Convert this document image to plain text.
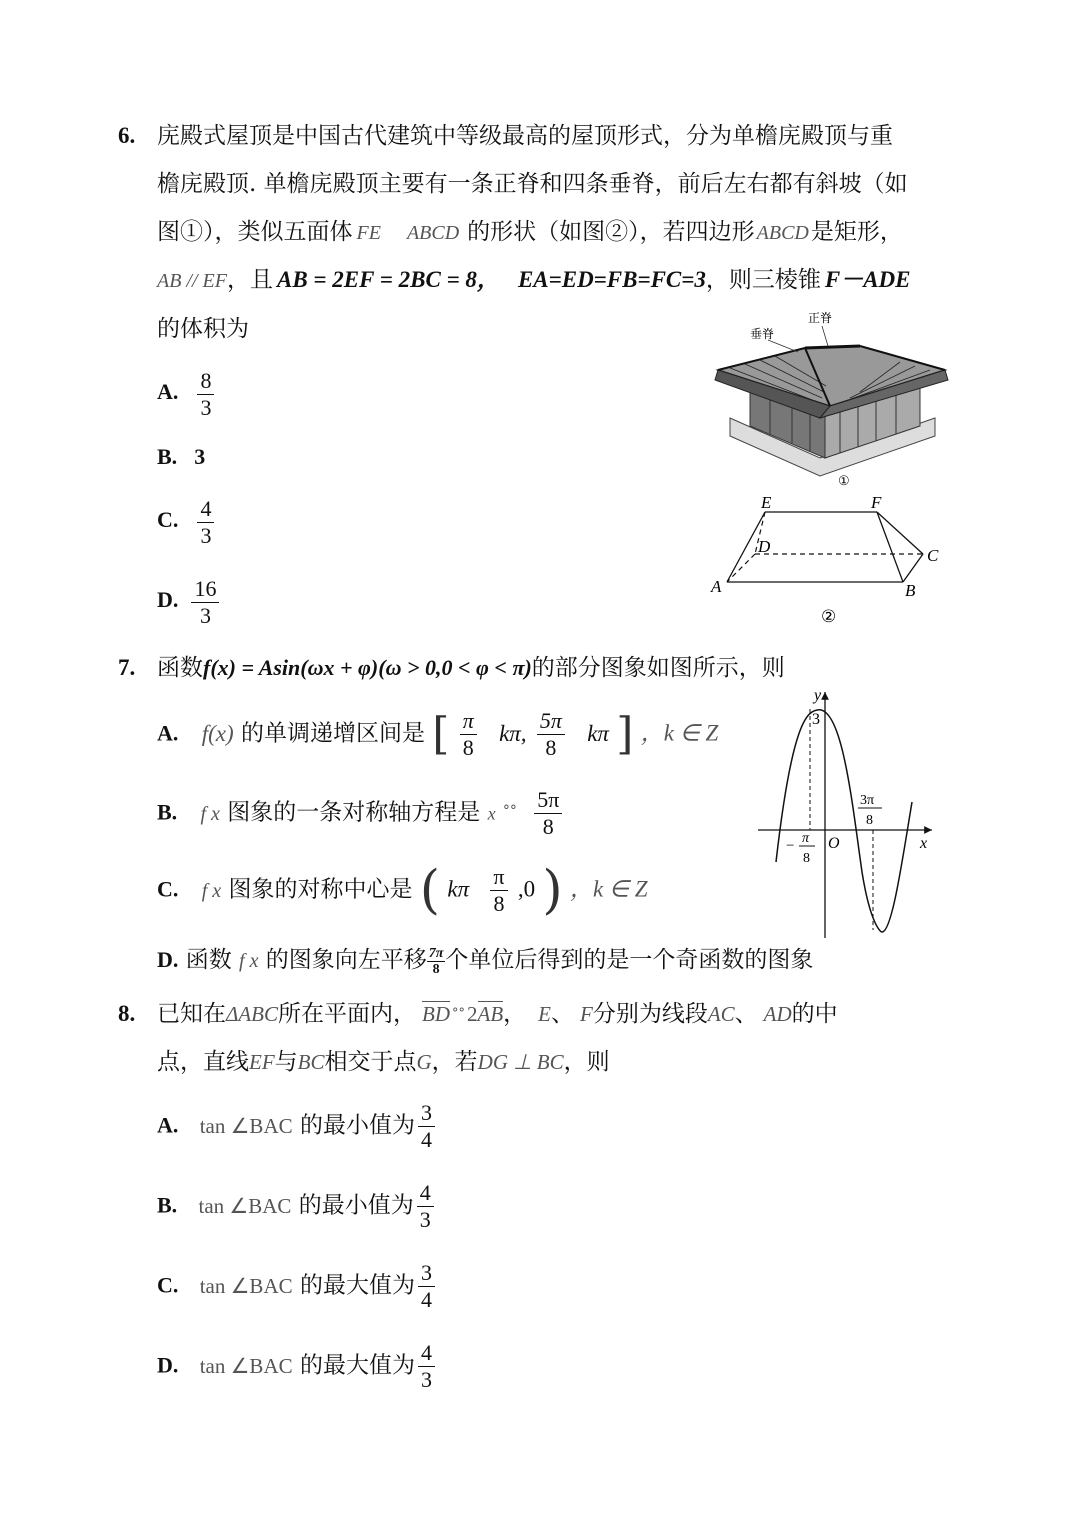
6. 庑殿式屋顶是中国古代建筑中等级最高的屋顶形式，分为单檐庑殿顶与重
檐庑殿顶. 单檐庑殿顶主要有一条正脊和四条垂脊，前后左右都有斜坡（如
图①），类似五面体 FE ABCD 的形状（如图②），若四边形 ABCD是矩形，
AB // EF，且 AB = 2EF = 2BC = 8， EA=ED=FB=FC=3，则三棱锥 F－ADE
的体积为
A. $\frac{8}{3}$
B. 3
C. $\frac{4}{3}$
D. $\frac{16}{3}$
垂脊
正脊
①
E	F
D	C
A	B
②
7. 函数f(x) = Asin(ωx + φ)(ω > 0,0 < φ < π)的部分图象如图所示，则
A. f(x) 的单调递增区间是 [ $\frac{\pi}{8} k\pi$, $\frac{5\pi}{8}$ kπ ] ，k ∈ Z
B. f x 图象的一条对称轴方程是 x $^{^\circ^\circ} \frac{5\pi}{8}$
C. f x 图象的对称中心是 ( kπ $\frac{\pi}{8} ,0$ ) ，k ∈ Z
D. 函数 f x 的图象向左平移 $\frac{7\pi}{8}$ 个单位后得到的是一个奇函数的图象
y
x
O
3
− π
8
3π
8
8. 已知在ΔABC所在平面内， BD °°2AB， E、 F分别为线段AC、 AD的中
点，直线EF与BC相交于点G，若DG ⊥ BC，则
A. tan ∠BAC 的最小值为 $\frac{3}{4}$
B. tan ∠BAC 的最小值为 $\frac{4}{3}$
C. tan ∠BAC 的最大值为 $\frac{3}{4}$
D. tan ∠BAC 的最大值为 $\frac{4}{3}$
